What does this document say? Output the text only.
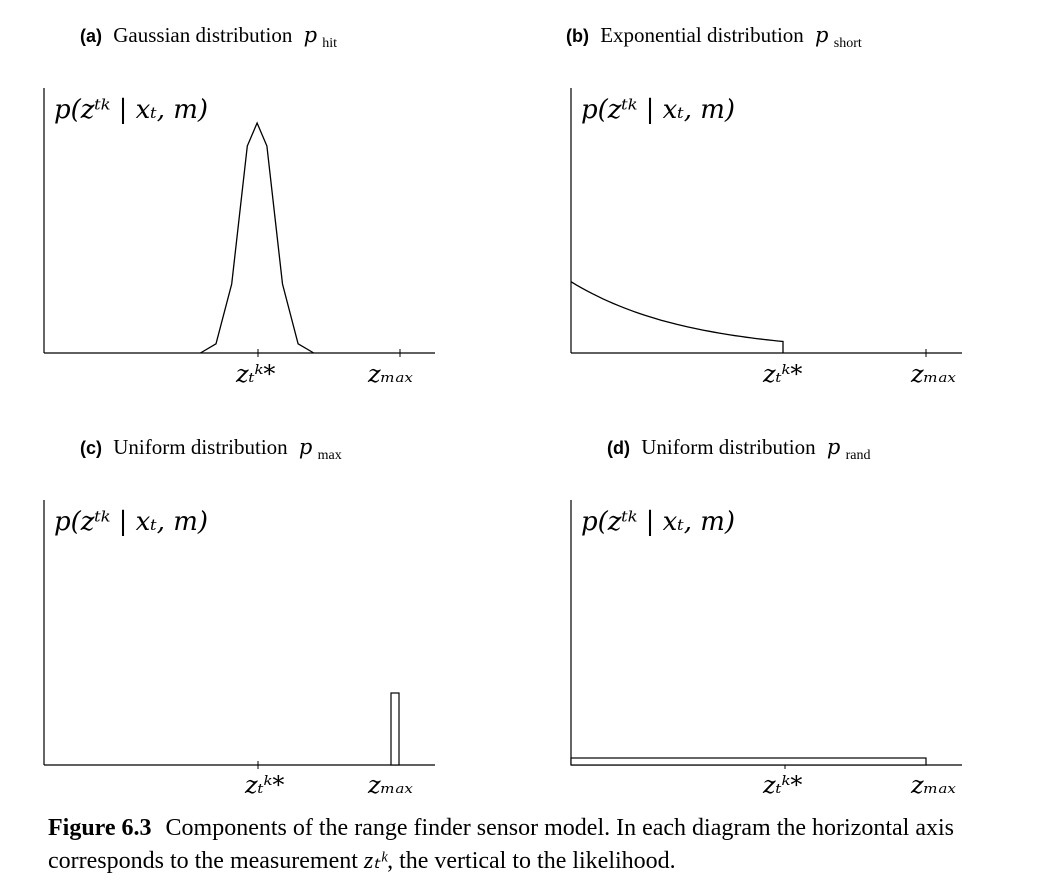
(a) Gaussian distribution p $_{hit}$
p(zᵗᵏ | xₜ, m)
zₜᵏ*	zₘₐₓ
(b) Exponential distribution p $_{short}$
p(zᵗᵏ | xₜ, m)
zₜᵏ*	zₘₐₓ
(c) Uniform distribution p $_{max}$
p(zᵗᵏ | xₜ, m)
zₜᵏ*	zₘₐₓ
(d) Uniform distribution p $_{rand}$
p(zᵗᵏ | xₜ, m)
zₜᵏ*	zₘₐₓ
Figure 6.3 Components of the range finder sensor model. In each diagram the horizontal axis corresponds to the measurement zₜᵏ, the vertical to the likelihood.
